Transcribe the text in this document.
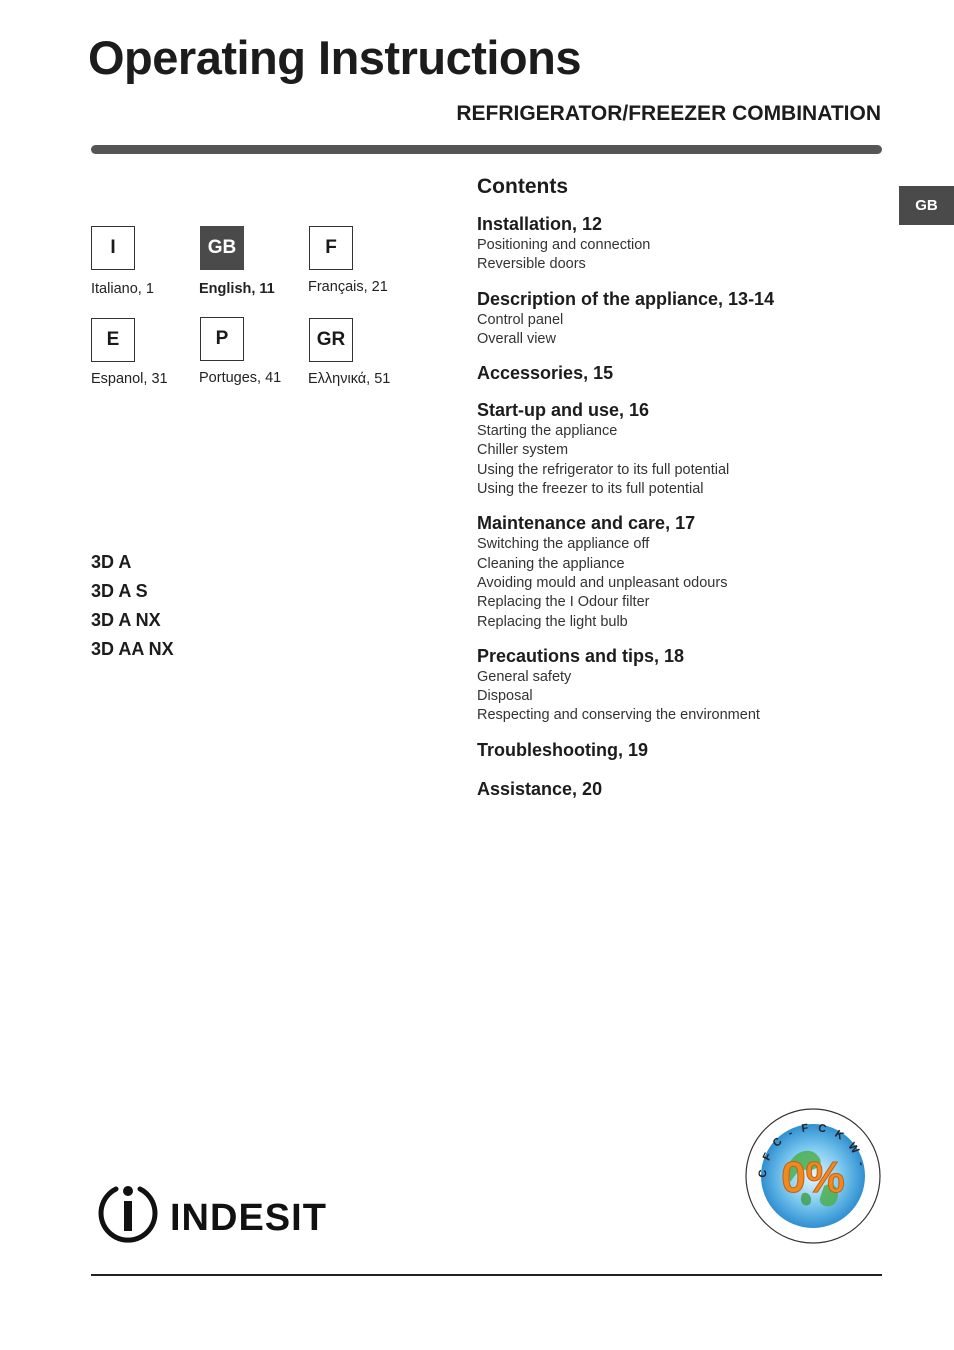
Operating Instructions
REFRIGERATOR/FREEZER COMBINATION
GB
I
Italiano, 1
GB
English, 11
F
Français, 21
E
Espanol, 31
P
Portuges, 41
GR
Ελληνικά, 51
3D A
3D A S
3D A NX
3D AA NX
Contents
Installation, 12
Positioning and connection
Reversible doors
Description of the appliance, 13-14
Control panel
Overall view
Accessories, 15
Start-up and use, 16
Starting the appliance
Chiller system
Using the refrigerator to its full potential
Using the freezer to its full potential
Maintenance and care, 17
Switching the appliance off
Cleaning the appliance
Avoiding mould and unpleasant odours
Replacing the I Odour filter
Replacing the light bulb
Precautions and tips, 18
General safety
Disposal
Respecting and conserving the environment
Troubleshooting, 19
Assistance, 20
C F C - F C K W -
0%
INDESIT
